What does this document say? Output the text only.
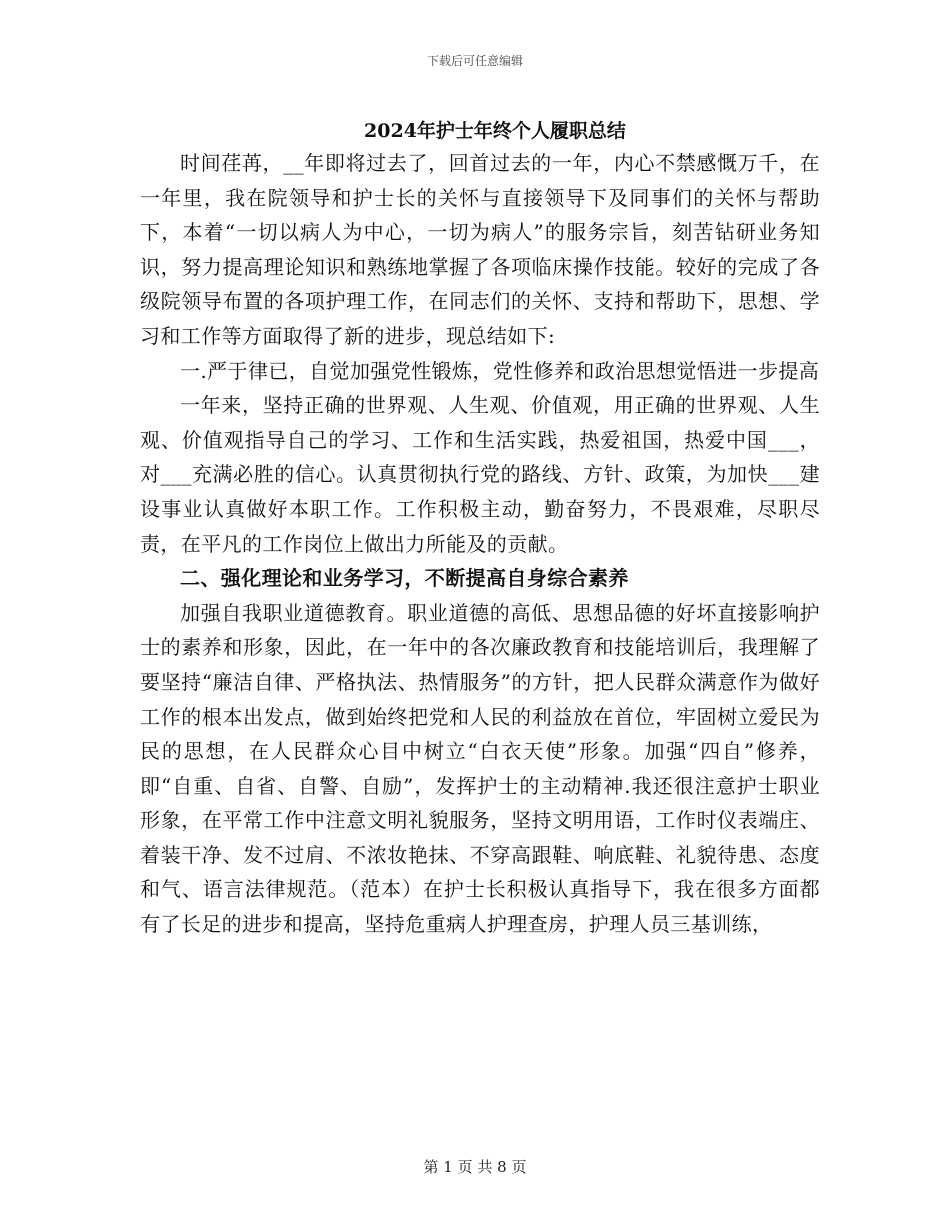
下载后可任意编辑
2024年护士年终个人履职总结

时间荏苒，__年即将过去了，回首过去的一年，内心不禁感慨万千，在一年里，我在院领导和护士长的关怀与直接领导下及同事们的关怀与帮助下，本着“一切以病人为中心，一切为病人”的服务宗旨，刻苦钻研业务知识，努力提高理论知识和熟练地掌握了各项临床操作技能。较好的完成了各级院领导布置的各项护理工作，在同志们的关怀、支持和帮助下，思想、学习和工作等方面取得了新的进步，现总结如下:

一.严于律已，自觉加强党性锻炼，党性修养和政治思想觉悟进一步提高

一年来，坚持正确的世界观、人生观、价值观，用正确的世界观、人生观、价值观指导自己的学习、工作和生活实践，热爱祖国，热爱中国___，对___充满必胜的信心。认真贯彻执行党的路线、方针、政策，为加快___建设事业认真做好本职工作。工作积极主动，勤奋努力，不畏艰难，尽职尽责，在平凡的工作岗位上做出力所能及的贡献。

二、强化理论和业务学习，不断提高自身综合素养

加强自我职业道德教育。职业道德的高低、思想品德的好坏直接影响护士的素养和形象，因此，在一年中的各次廉政教育和技能培训后，我理解了要坚持“廉洁自律、严格执法、热情服务”的方针，把人民群众满意作为做好工作的根本出发点，做到始终把党和人民的利益放在首位，牢固树立爱民为民的思想，在人民群众心目中树立“白衣天使”形象。加强“四自”修养，即“自重、自省、自警、自励”，发挥护士的主动精神.我还很注意护士职业形象，在平常工作中注意文明礼貌服务，坚持文明用语，工作时仪表端庄、着装干净、发不过肩、不浓妆艳抹、不穿高跟鞋、响底鞋、礼貌待患、态度和气、语言法律规范。（范本）在护士长积极认真指导下，我在很多方面都有了长足的进步和提高，坚持危重病人护理查房，护理人员三基训练，

第 1 页 共 8 页
